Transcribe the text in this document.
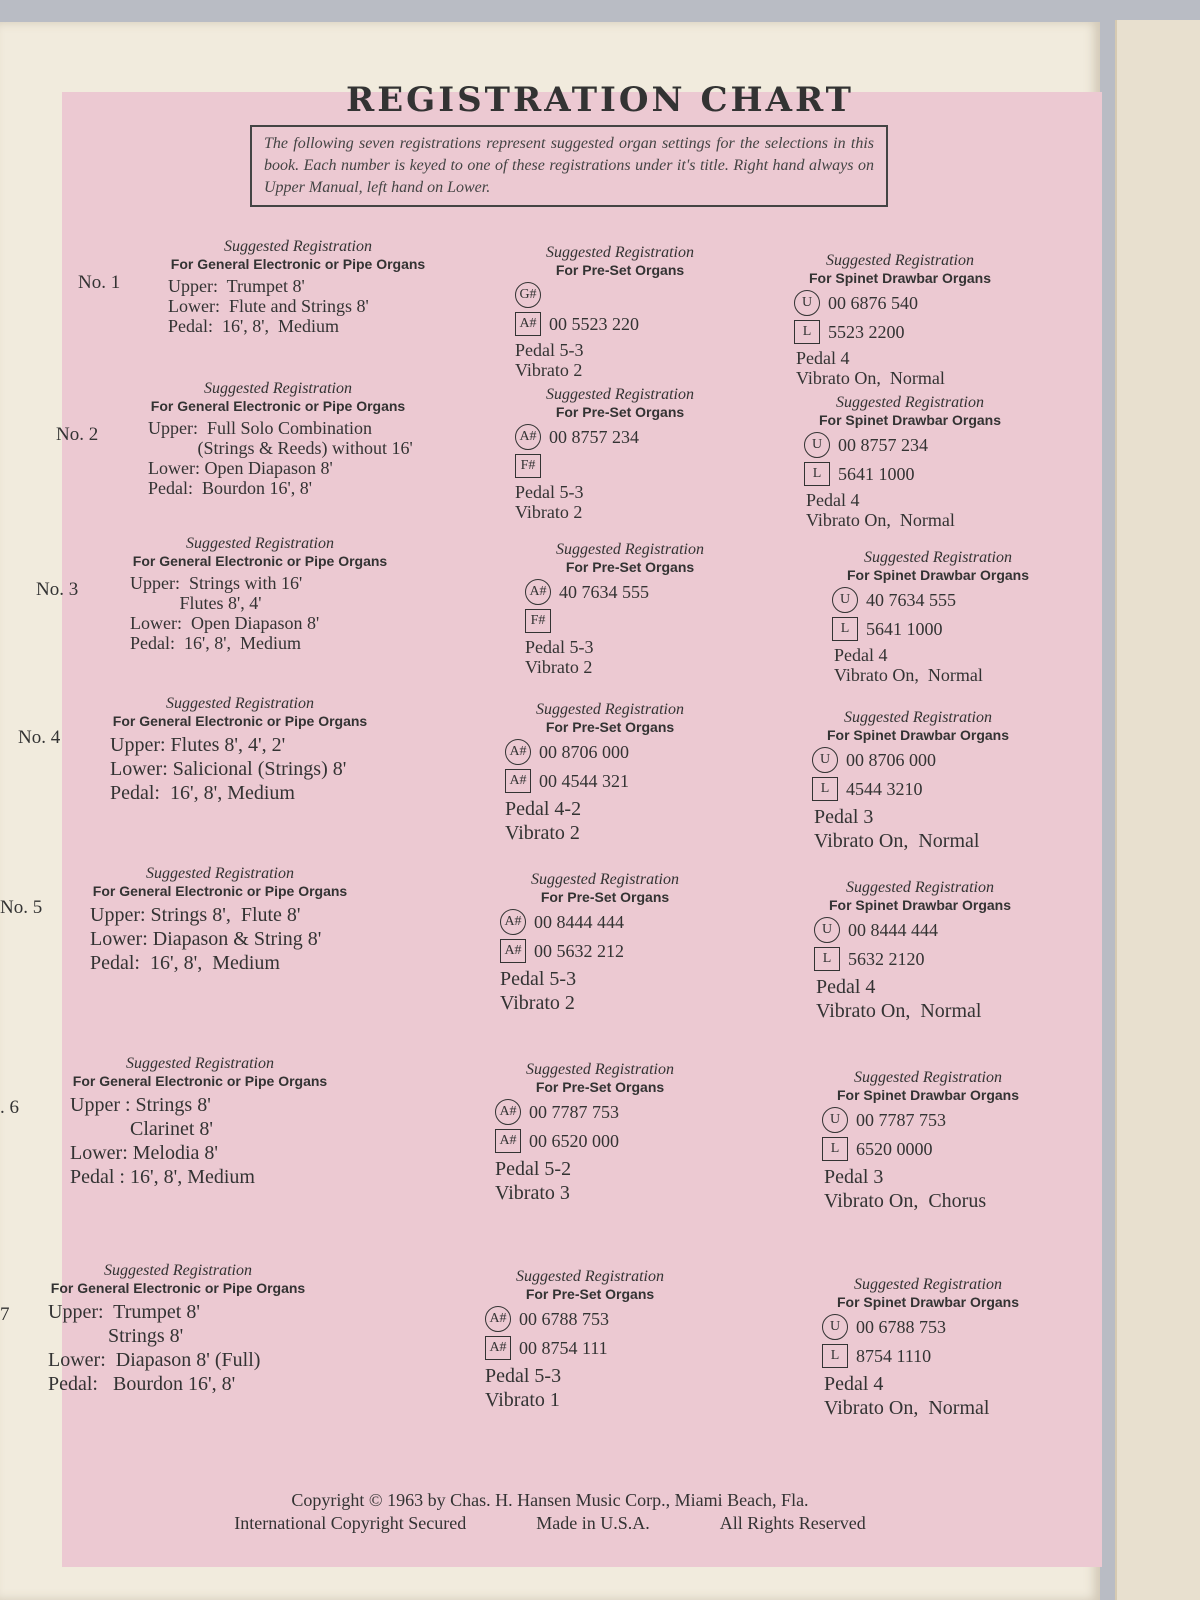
REGISTRATION CHART
The following seven registrations represent suggested organ settings for the selections in this book. Each number is keyed to one of these registrations under it's title. Right hand always on Upper Manual, left hand on Lower.
No. 1
Suggested Registration
For General Electronic or Pipe Organs
Upper:  Trumpet 8'
Lower:  Flute and Strings 8'
Pedal:  16', 8',  Medium
Suggested Registration
For Pre-Set Organs
G#
A# 00 5523 220
Pedal 5-3
Vibrato 2
Suggested Registration
For Spinet Drawbar Organs
U 00 6876 540
L 5523 2200
Pedal 4
Vibrato On,  Normal
No. 2
Suggested Registration
For General Electronic or Pipe Organs
Upper:  Full Solo Combination
(Strings & Reeds) without 16'
Lower: Open Diapason 8'
Pedal:  Bourdon 16', 8'
Suggested Registration
For Pre-Set Organs
A# 00 8757 234
F#
Pedal 5-3
Vibrato 2
Suggested Registration
For Spinet Drawbar Organs
U 00 8757 234
L 5641 1000
Pedal 4
Vibrato On,  Normal
No. 3
Suggested Registration
For General Electronic or Pipe Organs
Upper:  Strings with 16'
Flutes 8', 4'
Lower:  Open Diapason 8'
Pedal:  16', 8',  Medium
Suggested Registration
For Pre-Set Organs
A# 40 7634 555
F#
Pedal 5-3
Vibrato 2
Suggested Registration
For Spinet Drawbar Organs
U 40 7634 555
L 5641 1000
Pedal 4
Vibrato On,  Normal
No. 4
Suggested Registration
For General Electronic or Pipe Organs
Upper: Flutes 8', 4', 2'
Lower: Salicional (Strings) 8'
Pedal:  16', 8', Medium
Suggested Registration
For Pre-Set Organs
A# 00 8706 000
A# 00 4544 321
Pedal 4-2
Vibrato 2
Suggested Registration
For Spinet Drawbar Organs
U 00 8706 000
L 4544 3210
Pedal 3
Vibrato On,  Normal
No. 5
Suggested Registration
For General Electronic or Pipe Organs
Upper: Strings 8',  Flute 8'
Lower: Diapason & String 8'
Pedal:  16', 8',  Medium
Suggested Registration
For Pre-Set Organs
A# 00 8444 444
A# 00 5632 212
Pedal 5-3
Vibrato 2
Suggested Registration
For Spinet Drawbar Organs
U 00 8444 444
L 5632 2120
Pedal 4
Vibrato On,  Normal
. 6
Suggested Registration
For General Electronic or Pipe Organs
Upper : Strings 8'
Clarinet 8'
Lower: Melodia 8'
Pedal : 16', 8', Medium
Suggested Registration
For Pre-Set Organs
A# 00 7787 753
A# 00 6520 000
Pedal 5-2
Vibrato 3
Suggested Registration
For Spinet Drawbar Organs
U 00 7787 753
L 6520 0000
Pedal 3
Vibrato On,  Chorus
7
Suggested Registration
For General Electronic or Pipe Organs
Upper:  Trumpet 8'
Strings 8'
Lower:  Diapason 8' (Full)
Pedal:   Bourdon 16', 8'
Suggested Registration
For Pre-Set Organs
A# 00 6788 753
A# 00 8754 111
Pedal 5-3
Vibrato 1
Suggested Registration
For Spinet Drawbar Organs
U 00 6788 753
L 8754 1110
Pedal 4
Vibrato On,  Normal
Copyright © 1963 by Chas. H. Hansen Music Corp., Miami Beach, Fla.
International Copyright Secured	Made in U.S.A.	All Rights Reserved
